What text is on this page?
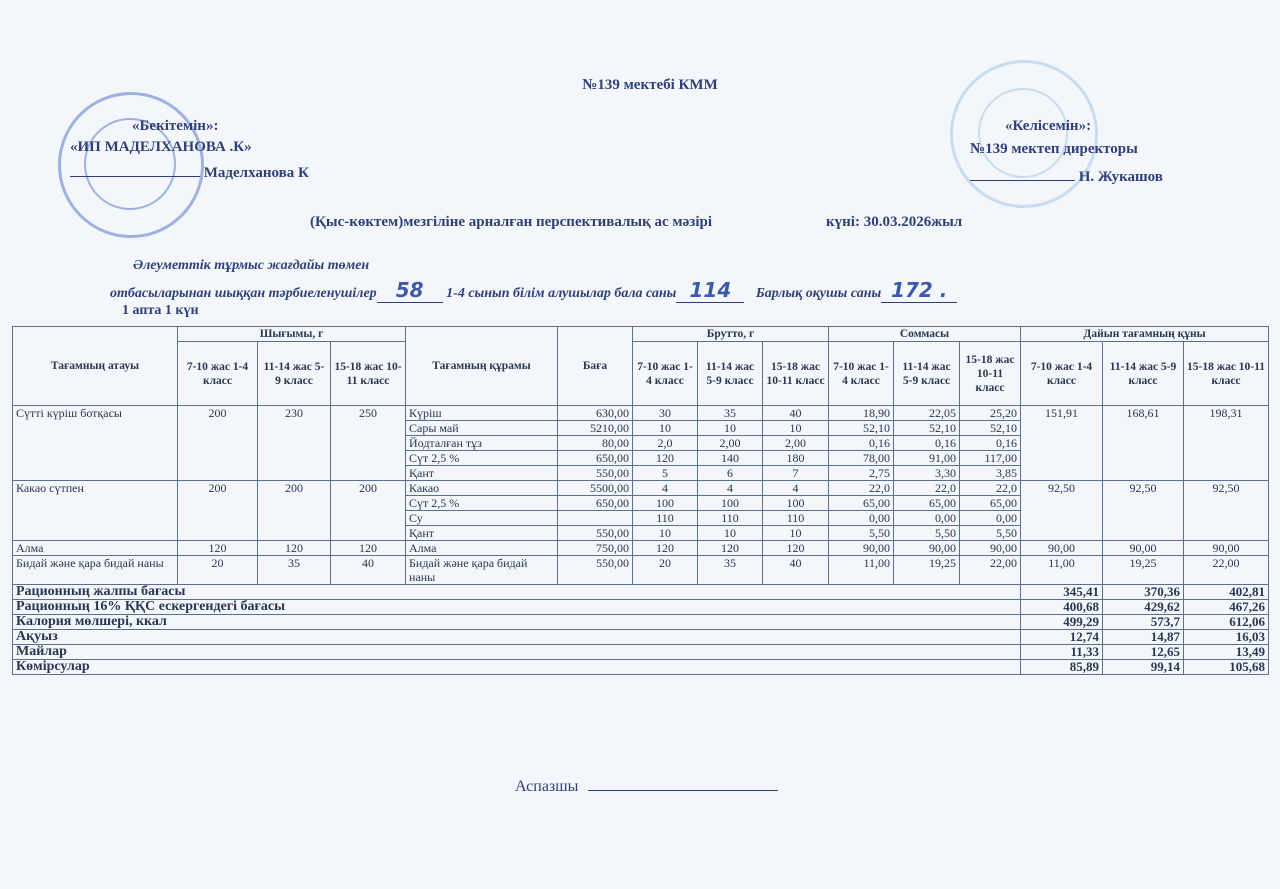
№139 мектебі КММ
«Бекітемін»:
«ИП МАДЕЛХАНОВА .К»
Маделханова К
«Келісемін»:
№139 мектеп директоры
Н. Жукашов
(Қыс-көктем)мезгіліне арналған перспективалық ас мәзірі	күні: 30.03.2026жыл
Әлеуметтік тұрмыс жағдайы төмен
отбасыларынан шыққан тәрбиеленушілер 58 1-4 сынып білім алушылар бала саны 114 Барлық оқушы саны 172 .
1 апта 1 күн
Тағамның атауы	Шығымы, г			Тағамның құрамы	Баға	Брутто, г			Соммасы			Дайын тағамның құны		
	7-10 жас 1-4 класс	11-14 жас 5-9 класс	15-18 жас 10-11 класс			7-10 жас 1-4 класс	11-14 жас 5-9 класс	15-18 жас 10-11 класс	7-10 жас 1-4 класс	11-14 жас 5-9 класс	15-18 жас 10-11 класс	7-10 жас 1-4 класс	11-14 жас 5-9 класс	15-18 жас 10-11 класс
Сүтті күріш ботқасы	200	230	250	Күріш	630,00	30	35	40	18,90	22,05	25,20	151,91	168,61	198,31
				Сары май	5210,00	10	10	10	52,10	52,10	52,10			
				Йодталған тұз	80,00	2,0	2,00	2,00	0,16	0,16	0,16			
				Сүт 2,5 %	650,00	120	140	180	78,00	91,00	117,00			
				Қант	550,00	5	6	7	2,75	3,30	3,85			
Какао сүтпен	200	200	200	Какао	5500,00	4	4	4	22,0	22,0	22,0	92,50	92,50	92,50
				Сүт 2,5 %	650,00	100	100	100	65,00	65,00	65,00			
				Су		110	110	110	0,00	0,00	0,00			
				Қант	550,00	10	10	10	5,50	5,50	5,50			
Алма	120	120	120	Алма	750,00	120	120	120	90,00	90,00	90,00	90,00	90,00	90,00
Бидай және қара бидай наны	20	35	40	Бидай және қара бидай наны	550,00	20	35	40	11,00	19,25	22,00	11,00	19,25	22,00
Рационның жалпы бағасы												345,41	370,36	402,81
Рационның 16% ҚҚС ескергендегі бағасы												400,68	429,62	467,26
Калория мөлшері, ккал												499,29	573,7	612,06
Ақуыз												12,74	14,87	16,03
Майлар												11,33	12,65	13,49
Көмірсулар												85,89	99,14	105,68
Аспазшы
